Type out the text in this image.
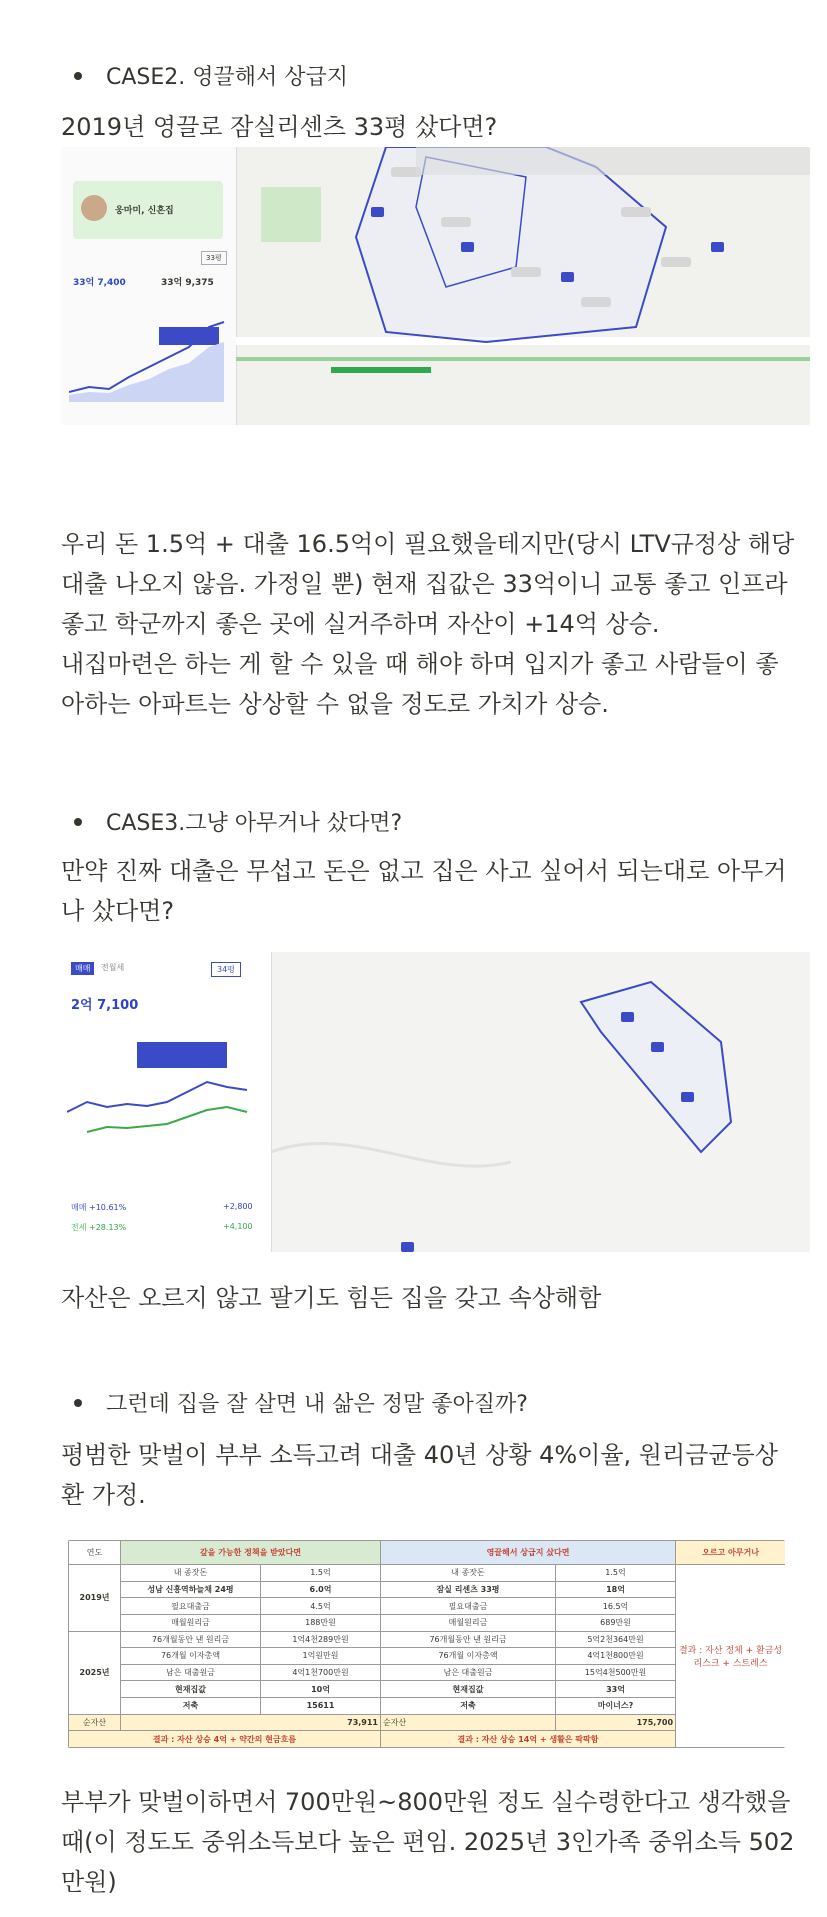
CASE2. 영끌해서 상급지
2019년 영끌로 잠실리센츠 33평 샀다면?
웅마미, 신혼집
33평
33억 7,400	33억 9,375

우리 돈 1.5억 + 대출 16.5억이 필요했을테지만(당시 LTV규정상 해당 대출 나오지 않음. 가정일 뿐) 현재 집값은 33억이니 교통 좋고 인프라 좋고 학군까지 좋은 곳에 실거주하며 자산이 +14억 상승.
내집마련은 하는 게 할 수 있을 때 해야 하며 입지가 좋고 사람들이 좋아하는 아파트는 상상할 수 없을 정도로 가치가 상승.
CASE3.그냥 아무거나 샀다면?
만약 진짜 대출은 무섭고 돈은 없고 집은 사고 싶어서 되는대로 아무거나 샀다면?
매매	전월세	34평
2억 7,100
매매 +10.61%	+2,800
전세 +28.13%	+4,100

자산은 오르지 않고 팔기도 힘든 집을 갖고 속상해함
그런데 집을 잘 살면 내 삶은 정말 좋아질까?
평범한 맞벌이 부부 소득고려 대출 40년 상황 4%이율, 원리금균등상환 가정.
연도	갚을 가능한 정책을 받았다면		영끌해서 상급지 샀다면		오르고 아무거나
2019년	내 종잣돈	1.5억	내 종잣돈	1.5억	결과 : 자산 정체 + 환금성 리스크 + 스트레스
	성남 신흥역하늘채 24평	6.0억	잠실 리센츠 33평	18억	
	필요대출금	4.5억	필요대출금	16.5억	
	매월원리금	188만원	매월원리금	689만원	
2025년	76개월동안 낸 원리금	1억4천289만원	76개월동안 낸 원리금	5억2천364만원	
	76개월 이자총액	1억원만원	76개월 이자총액	4억1천800만원	
	남은 대출원금	4억1천700만원	남은 대출원금	15억4천500만원	
	현재집값	10억	현재집값	33억	
	저축	15611	저축	마이너스?	
순자산	73,911		순자산	175,700	
결과 : 자산 상승 4억 + 약간의 현금흐름			결과 : 자산 상승 14억 + 생활은 팍팍함		
부부가 맞벌이하면서 700만원~800만원 정도 실수령한다고 생각했을 때(이 정도도 중위소득보다 높은 편임. 2025년 3인가족 중위소득 502만원)
